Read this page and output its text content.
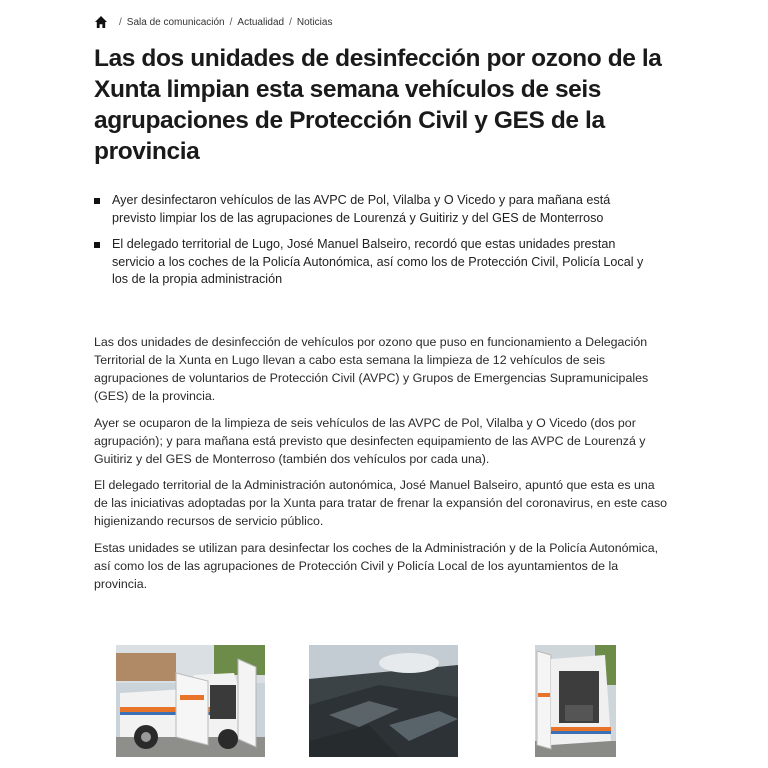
/ Sala de comunicación / Actualidad / Noticias
Las dos unidades de desinfección por ozono de la Xunta limpian esta semana vehículos de seis agrupaciones de Protección Civil y GES de la provincia
Ayer desinfectaron vehículos de las AVPC de Pol, Vilalba y O Vicedo y para mañana está previsto limpiar los de las agrupaciones de Lourenzá y Guitiriz y del GES de Monterroso
El delegado territorial de Lugo, José Manuel Balseiro, recordó que estas unidades prestan servicio a los coches de la Policía Autonómica, así como los de Protección Civil, Policía Local y los de la propia administración

Las dos unidades de desinfección de vehículos por ozono que puso en funcionamiento a Delegación Territorial de la Xunta en Lugo llevan a cabo esta semana la limpieza de 12 vehículos de seis agrupaciones de voluntarios de Protección Civil (AVPC) y Grupos de Emergencias Supramunicipales (GES) de la provincia.

Ayer se ocuparon de la limpieza de seis vehículos de las AVPC de Pol, Vilalba y O Vicedo (dos por agrupación); y para mañana está previsto que desinfecten equipamiento de las AVPC de Lourenzá y Guitiriz y del GES de Monterroso (también dos vehículos por cada una).

El delegado territorial de la Administración autonómica, José Manuel Balseiro, apuntó que esta es una de las iniciativas adoptadas por la Xunta para tratar de frenar la expansión del coronavirus, en este caso higienizando recursos de servicio público.

Estas unidades se utilizan para desinfectar los coches de la Administración y de la Policía Autonómica, así como los de las agrupaciones de Protección Civil y Policía Local de los ayuntamientos de la provincia.
